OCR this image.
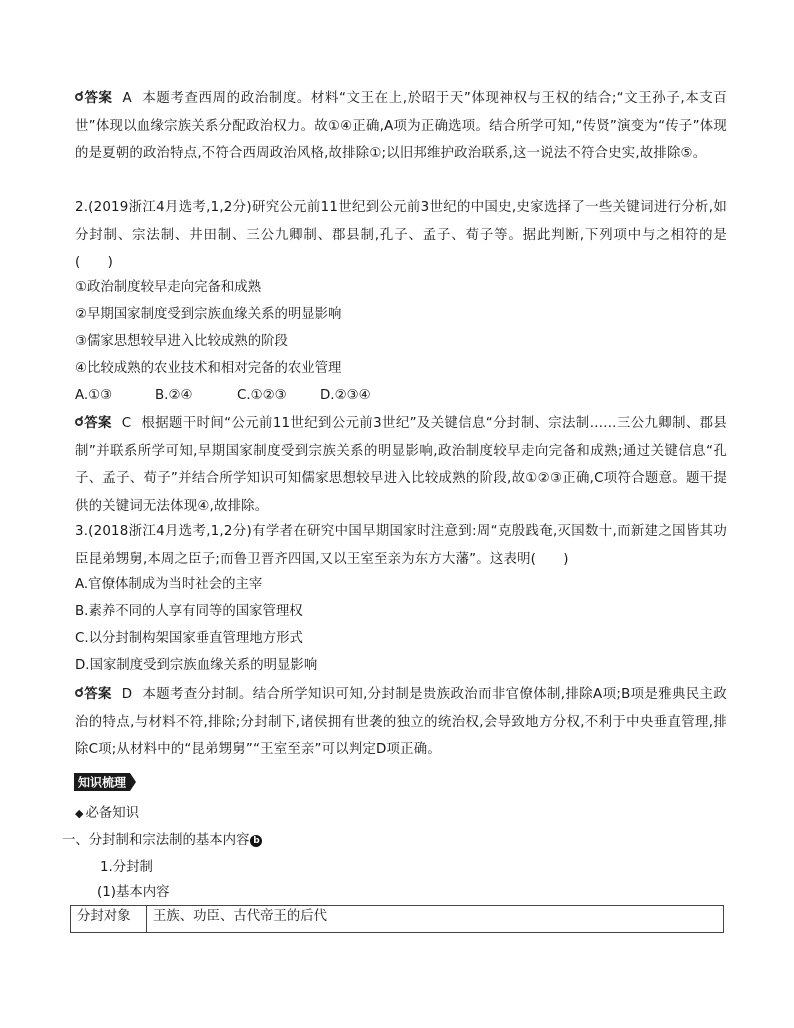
答案 A 本题考查西周的政治制度。材料“文王在上,於昭于天”体现神权与王权的结合;“文王孙子,本支百世”体现以血缘宗族关系分配政治权力。故①④正确,A项为正确选项。结合所学可知,“传贤”演变为“传子”体现的是夏朝的政治特点,不符合西周政治风格,故排除①;以旧邦维护政治联系,这一说法不符合史实,故排除⑤。
2.(2019浙江4月选考,1,2分)研究公元前11世纪到公元前3世纪的中国史,史家选择了一些关键词进行分析,如分封制、宗法制、井田制、三公九卿制、郡县制,孔子、孟子、荀子等。据此判断,下列项中与之相符的是(　　)
①政治制度较早走向完备和成熟
②早期国家制度受到宗族血缘关系的明显影响
③儒家思想较早进入比较成熟的阶段
④比较成熟的农业技术和相对完备的农业管理
A.①③	B.②④	C.①②③ D.②③④
答案 C 根据题干时间“公元前11世纪到公元前3世纪”及关键信息“分封制、宗法制……三公九卿制、郡县制”并联系所学可知,早期国家制度受到宗族关系的明显影响,政治制度较早走向完备和成熟;通过关键信息“孔子、孟子、荀子”并结合所学知识可知儒家思想较早进入比较成熟的阶段,故①②③正确,C项符合题意。题干提供的关键词无法体现④,故排除。
3.(2018浙江4月选考,1,2分)有学者在研究中国早期国家时注意到:周“克殷践奄,灭国数十,而新建之国皆其功臣昆弟甥舅,本周之臣子;而鲁卫晋齐四国,又以王室至亲为东方大藩”。这表明(　　)
A.官僚体制成为当时社会的主宰
B.素养不同的人享有同等的国家管理权
C.以分封制构架国家垂直管理地方形式
D.国家制度受到宗族血缘关系的明显影响
答案 D 本题考查分封制。结合所学知识可知,分封制是贵族政治而非官僚体制,排除A项;B项是雅典民主政治的特点,与材料不符,排除;分封制下,诸侯拥有世袭的独立的统治权,会导致地方分权,不利于中央垂直管理,排除C项;从材料中的“昆弟甥舅”“王室至亲”可以判定D项正确。
知识梳理
◆ 必备知识
一、分封制和宗法制的基本内容 b
1.分封制
(1)基本内容
分封对象	王族、功臣、古代帝王的后代
